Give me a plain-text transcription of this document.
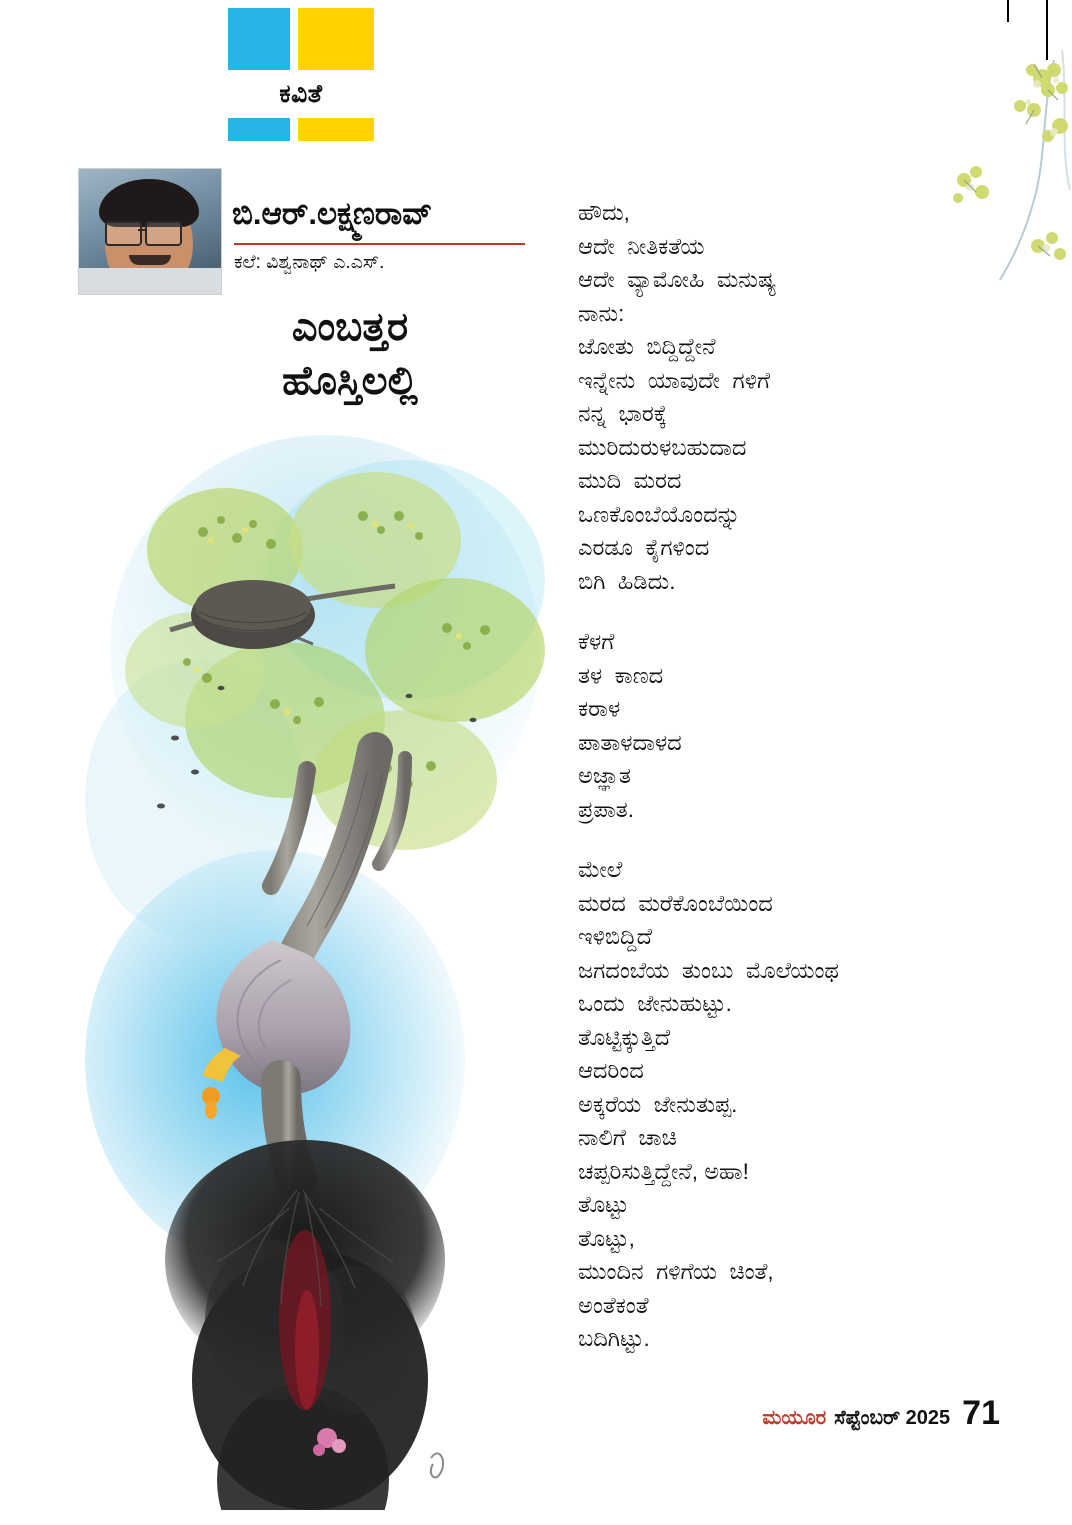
ಕವಿತೆ
ಬಿ.ಆರ್.ಲಕ್ಷ್ಮಣರಾವ್
ಕಲೆ: ವಿಶ್ವನಾಥ್ ಎ.ಎಸ್.
ಎಂಬತ್ತರ
ಹೊಸ್ತಿಲಲ್ಲಿ
ಹೌದು,
ಆದೇ  ನೀತಿಕತೆಯ
ಆದೇ  ವ್ಯಾಮೋಹಿ  ಮನುಷ್ಯ
ನಾನು:
ಜೋತು  ಬಿದ್ದಿದ್ದೇನೆ
ಇನ್ನೇನು  ಯಾವುದೇ  ಗಳಿಗೆ
ನನ್ನ  ಭಾರಕ್ಕೆ
ಮುರಿದುರುಳಬಹುದಾದ
ಮುದಿ  ಮರದ
ಒಣಕೊಂಬೆಯೊಂದನ್ನು
ಎರಡೂ  ಕೈಗಳಿಂದ
ಬಿಗಿ  ಹಿಡಿದು.
ಕೆಳಗೆ
ತಳ  ಕಾಣದ
ಕರಾಳ
ಪಾತಾಳದಾಳದ
ಅಜ್ಞಾತ
ಪ್ರಪಾತ.
ಮೇಲೆ
ಮರದ  ಮರೆಕೊಂಬೆಯಿಂದ
ಇಳಿಬಿದ್ದಿದೆ
ಜಗದಂಬೆಯ  ತುಂಬು  ಮೊಲೆಯಂಥ
ಒಂದು  ಜೇನುಹುಟ್ಟು.
ತೊಟ್ಟಿಕ್ಕುತ್ತಿದೆ
ಆದರಿಂದ
ಅಕ್ಕರೆಯ  ಜೇನುತುಪ್ಪ.
ನಾಲಿಗೆ  ಚಾಚಿ
ಚಪ್ಪರಿಸುತ್ತಿದ್ದೇನೆ, ಅಹಾ!
ತೊಟ್ಟು
ತೊಟ್ಟು,
ಮುಂದಿನ  ಗಳಿಗೆಯ  ಚಿಂತೆ,
ಅಂತೆಕಂತೆ
ಬದಿಗಿಟ್ಟು.
ಮಯೂರ ಸೆಪ್ಟೆಂಬರ್ 2025 71
